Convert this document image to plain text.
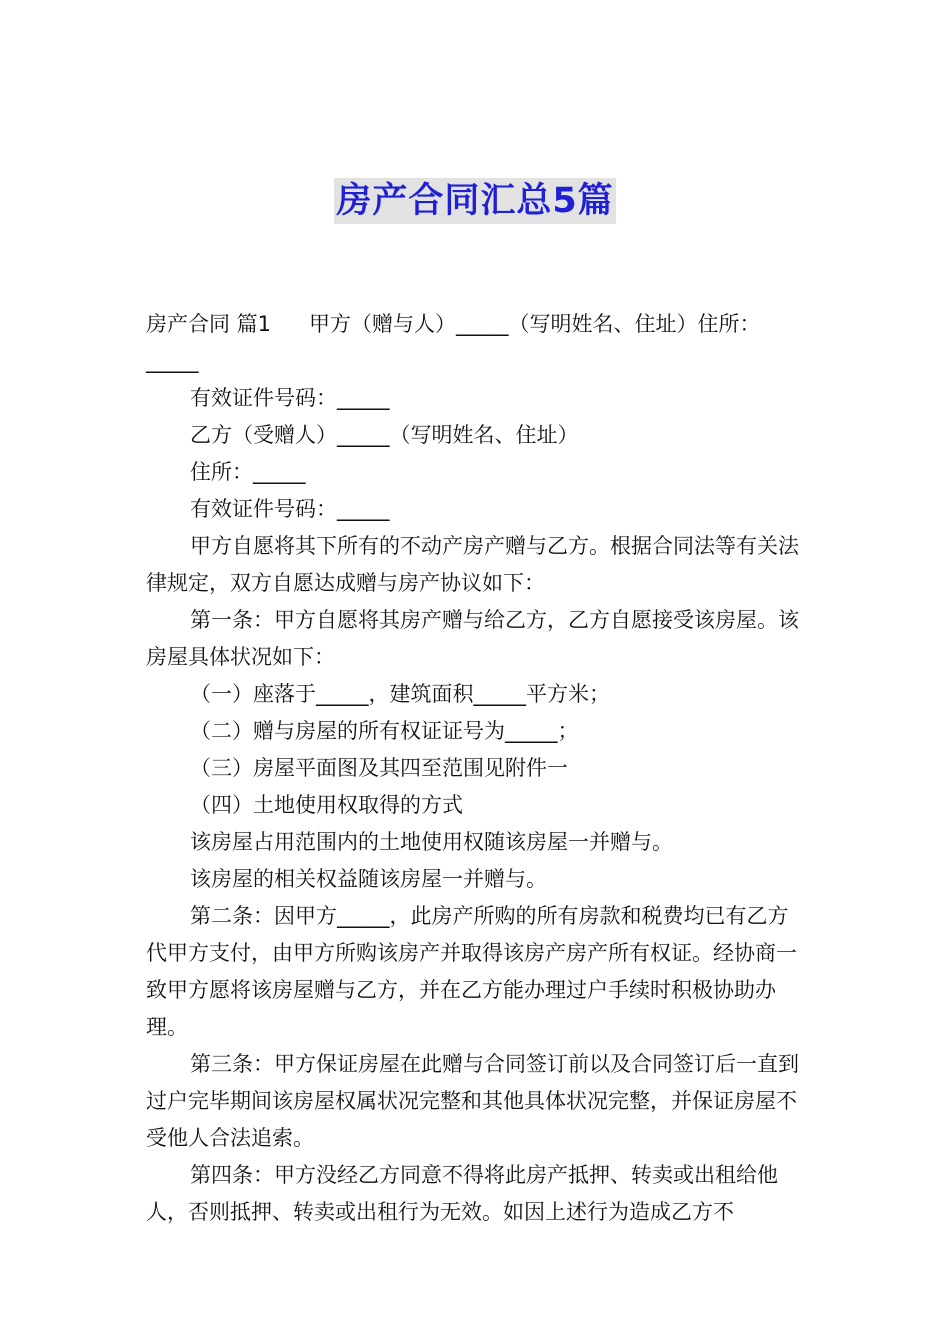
房产合同汇总5篇

房产合同 篇1 甲方（赠与人）_____（写明姓名、住址）住所：

_____

有效证件号码：_____

乙方（受赠人）_____（写明姓名、住址）

住所：_____

有效证件号码：_____

甲方自愿将其下所有的不动产房产赠与乙方。根据合同法等有关法律规定，双方自愿达成赠与房产协议如下：

第一条：甲方自愿将其房产赠与给乙方，乙方自愿接受该房屋。该房屋具体状况如下：

（一）座落于_____，建筑面积_____平方米；

（二）赠与房屋的所有权证证号为_____；

（三）房屋平面图及其四至范围见附件一

（四）土地使用权取得的方式

该房屋占用范围内的土地使用权随该房屋一并赠与。

该房屋的相关权益随该房屋一并赠与。

第二条：因甲方_____，此房产所购的所有房款和税费均已有乙方代甲方支付，由甲方所购该房产并取得该房产房产所有权证。经协商一致甲方愿将该房屋赠与乙方，并在乙方能办理过户手续时积极协助办理。

第三条：甲方保证房屋在此赠与合同签订前以及合同签订后一直到过户完毕期间该房屋权属状况完整和其他具体状况完整，并保证房屋不受他人合法追索。

第四条：甲方没经乙方同意不得将此房产抵押、转卖或出租给他人，否则抵押、转卖或出租行为无效。如因上述行为造成乙方不
